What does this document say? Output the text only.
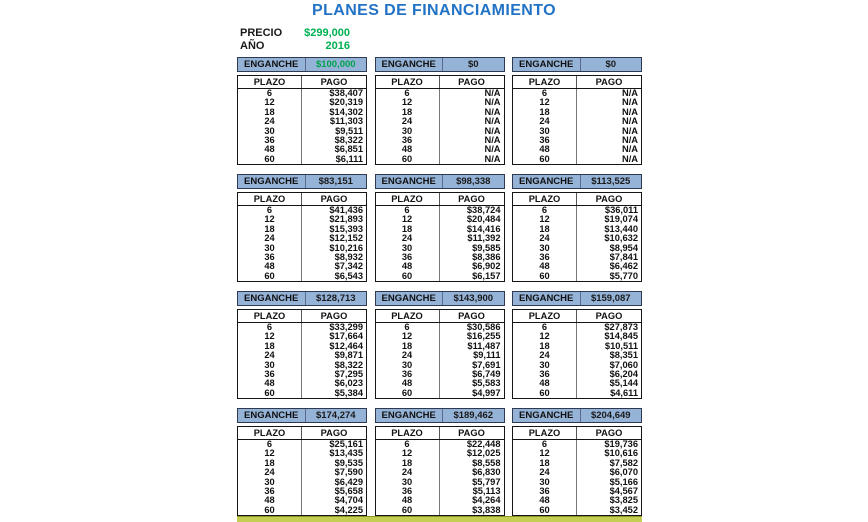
PLANES DE FINANCIAMIENTO
PRECIO	$299,000
AÑO	2016
ENGANCHE	$100,000
PLAZO	PAGO
6	$38,407
12	$20,319
18	$14,302
24	$11,303
30	$9,511
36	$8,322
48	$6,851
60	$6,111
ENGANCHE	$0
PLAZO	PAGO
6	N/A
12	N/A
18	N/A
24	N/A
30	N/A
36	N/A
48	N/A
60	N/A
ENGANCHE	$0
PLAZO	PAGO
6	N/A
12	N/A
18	N/A
24	N/A
30	N/A
36	N/A
48	N/A
60	N/A
ENGANCHE	$83,151
PLAZO	PAGO
6	$41,436
12	$21,893
18	$15,393
24	$12,152
30	$10,216
36	$8,932
48	$7,342
60	$6,543
ENGANCHE	$98,338
PLAZO	PAGO
6	$38,724
12	$20,484
18	$14,416
24	$11,392
30	$9,585
36	$8,386
48	$6,902
60	$6,157
ENGANCHE	$113,525
PLAZO	PAGO
6	$36,011
12	$19,074
18	$13,440
24	$10,632
30	$8,954
36	$7,841
48	$6,462
60	$5,770
ENGANCHE	$128,713
PLAZO	PAGO
6	$33,299
12	$17,664
18	$12,464
24	$9,871
30	$8,322
36	$7,295
48	$6,023
60	$5,384
ENGANCHE	$143,900
PLAZO	PAGO
6	$30,586
12	$16,255
18	$11,487
24	$9,111
30	$7,691
36	$6,749
48	$5,583
60	$4,997
ENGANCHE	$159,087
PLAZO	PAGO
6	$27,873
12	$14,845
18	$10,511
24	$8,351
30	$7,060
36	$6,204
48	$5,144
60	$4,611
ENGANCHE	$174,274
PLAZO	PAGO
6	$25,161
12	$13,435
18	$9,535
24	$7,590
30	$6,429
36	$5,658
48	$4,704
60	$4,225
ENGANCHE	$189,462
PLAZO	PAGO
6	$22,448
12	$12,025
18	$8,558
24	$6,830
30	$5,797
36	$5,113
48	$4,264
60	$3,838
ENGANCHE	$204,649
PLAZO	PAGO
6	$19,736
12	$10,616
18	$7,582
24	$6,070
30	$5,166
36	$4,567
48	$3,825
60	$3,452
